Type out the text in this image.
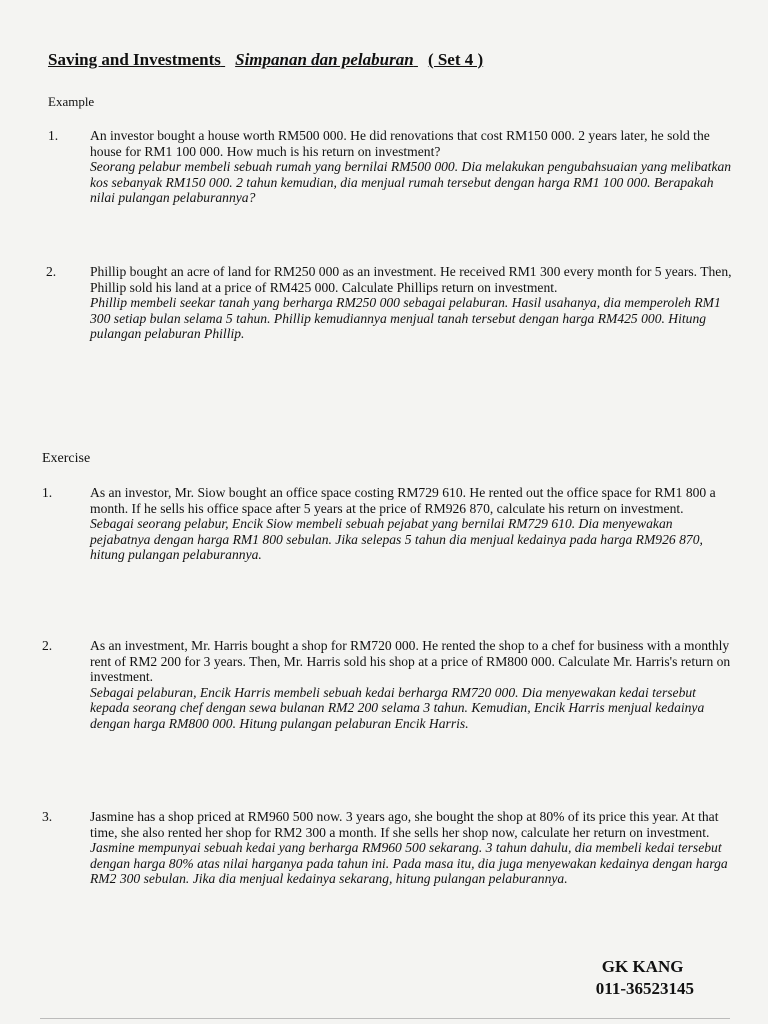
Saving and Investments Simpanan dan pelaburan ( Set 4 )
Example
1. An investor bought a house worth RM500 000. He did renovations that cost RM150 000. 2 years later, he sold the house for RM1 100 000. How much is his return on investment?
Seorang pelabur membeli sebuah rumah yang bernilai RM500 000. Dia melakukan pengubahsuaian yang melibatkan kos sebanyak RM150 000. 2 tahun kemudian, dia menjual rumah tersebut dengan harga RM1 100 000. Berapakah nilai pulangan pelaburannya?
2. Phillip bought an acre of land for RM250 000 as an investment. He received RM1 300 every month for 5 years. Then, Phillip sold his land at a price of RM425 000. Calculate Phillips return on investment.
Phillip membeli seekar tanah yang berharga RM250 000 sebagai pelaburan. Hasil usahanya, dia memperoleh RM1 300 setiap bulan selama 5 tahun. Phillip kemudiannya menjual tanah tersebut dengan harga RM425 000. Hitung pulangan pelaburan Phillip.
Exercise
1.	As an investor, Mr. Siow bought an office space costing RM729 610. He rented out the office space for RM1 800 a month. If he sells his office space after 5 years at the price of RM926 870, calculate his return on investment.
Sebagai seorang pelabur, Encik Siow membeli sebuah pejabat yang bernilai RM729 610. Dia menyewakan pejabatnya dengan harga RM1 800 sebulan. Jika selepas 5 tahun dia menjual kedainya pada harga RM926 870, hitung pulangan pelaburannya.
2.	As an investment, Mr. Harris bought a shop for RM720 000. He rented the shop to a chef for business with a monthly rent of RM2 200 for 3 years. Then, Mr. Harris sold his shop at a price of RM800 000. Calculate Mr. Harris's return on investment.
Sebagai pelaburan, Encik Harris membeli sebuah kedai berharga RM720 000. Dia menyewakan kedai tersebut kepada seorang chef dengan sewa bulanan RM2 200 selama 3 tahun. Kemudian, Encik Harris menjual kedainya dengan harga RM800 000. Hitung pulangan pelaburan Encik Harris.
3.	Jasmine has a shop priced at RM960 500 now. 3 years ago, she bought the shop at 80% of its price this year. At that time, she also rented her shop for RM2 300 a month. If she sells her shop now, calculate her return on investment.
Jasmine mempunyai sebuah kedai yang berharga RM960 500 sekarang. 3 tahun dahulu, dia membeli kedai tersebut dengan harga 80% atas nilai harganya pada tahun ini. Pada masa itu, dia juga menyewakan kedainya dengan harga RM2 300 sebulan. Jika dia menjual kedainya sekarang, hitung pulangan pelaburannya.
GK KANG
011-36523145
